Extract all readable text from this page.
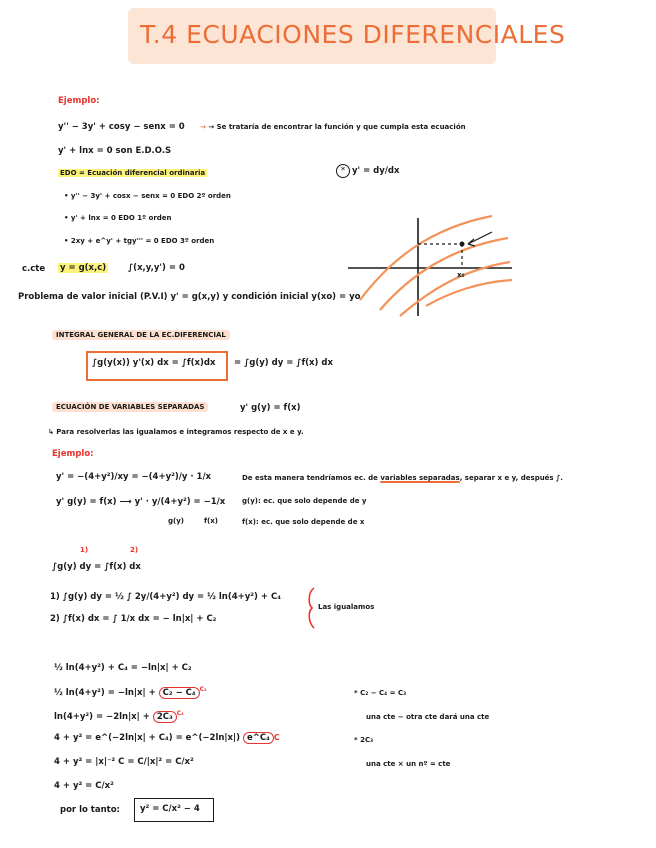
T.4 ECUACIONES DIFERENCIALES
Ejemplo:
y'' − 3y' + cosy − senx = 0 → → Se trataría de encontrar la función y que cumpla esta ecuación
y' + lnx = 0 son E.D.O.S
EDO = Ecuación diferencial ordinaria
• y'' − 3y' + cosx − senx = 0 EDO 2º orden
• y' + lnx = 0 EDO 1º orden
• 2xy + e^y' + tgy''' = 0 EDO 3º orden
c.cte y = g(x,c)	∫(x,y,y') = 0
Problema de valor inicial (P.V.I) y' = g(x,y) y condición inicial y(xo) = yo
* y' = dy/dx
x₀
INTEGRAL GENERAL DE LA EC.DIFERENCIAL
∫g(y(x)) y'(x) dx = ∫f(x)dx = ∫g(y) dy = ∫f(x) dx
ECUACIÓN DE VARIABLES SEPARADAS	y' g(y) = f(x)
↳ Para resolverlas las igualamos e integramos respecto de x e y.
Ejemplo:
y' = −(4+y²)/xy = −(4+y²)/y · 1/x
y' g(y) = f(x) ⟶ y' · y/(4+y²) = −1/x
g(y)	f(x)
De esta manera tendríamos ec. de variables separadas, separar x e y, después ∫.
g(y): ec. que solo depende de y
f(x): ec. que solo depende de x
1)	2)
∫g(y) dy = ∫f(x) dx
1) ∫g(y) dy = ½ ∫ 2y/(4+y²) dy = ½ ln(4+y²) + C₄
2) ∫f(x) dx = ∫ 1/x dx = − ln|x| + C₂
Las igualamos
½ ln(4+y²) + C₄ = −ln|x| + C₂
½ ln(4+y²) = −ln|x| + C₂ − C₄ $^{C_3}$
ln(4+y²) = −2ln|x| + 2C₃ $^{C_4}$
4 + y² = e^(−2ln|x| + C₄) = e^(−2ln|x|) e^C₄ C
4 + y² = |x|⁻² C = C/|x|² = C/x²
4 + y² = C/x²
por lo tanto: y² = C/x² − 4
* C₂ − C₄ = C₃
una cte − otra cte dará una cte
* 2C₃
una cte × un nº = cte
